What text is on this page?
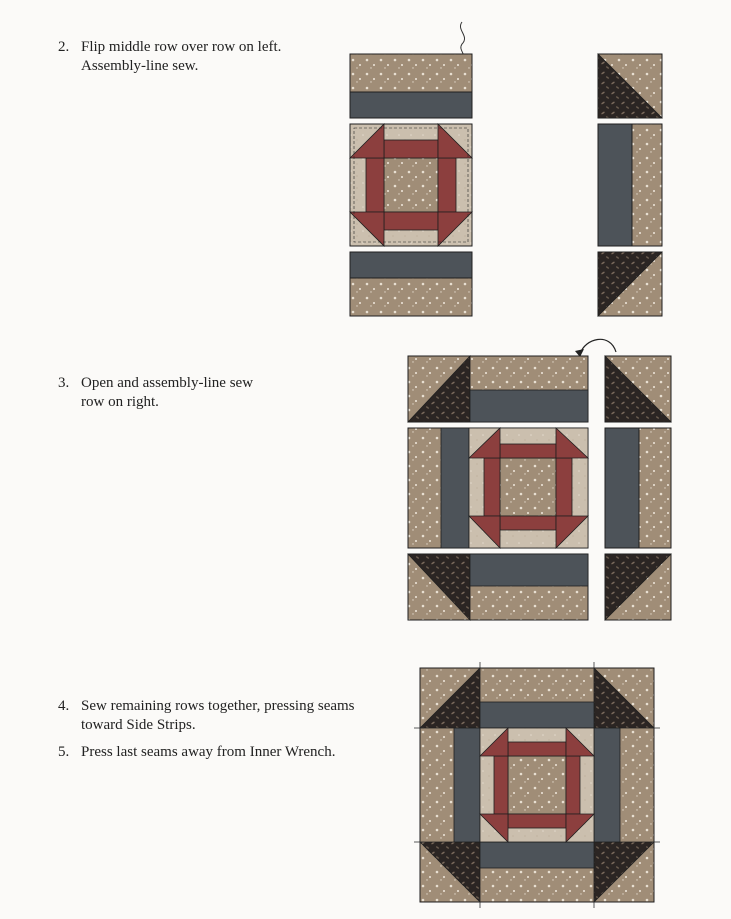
2. Flip middle row over row on left.
Assembly-line sew.
3. Open and assembly-line sew
row on right.
4. Sew remaining rows together, pressing seams
toward Side Strips.
5. Press last seams away from Inner Wrench.
